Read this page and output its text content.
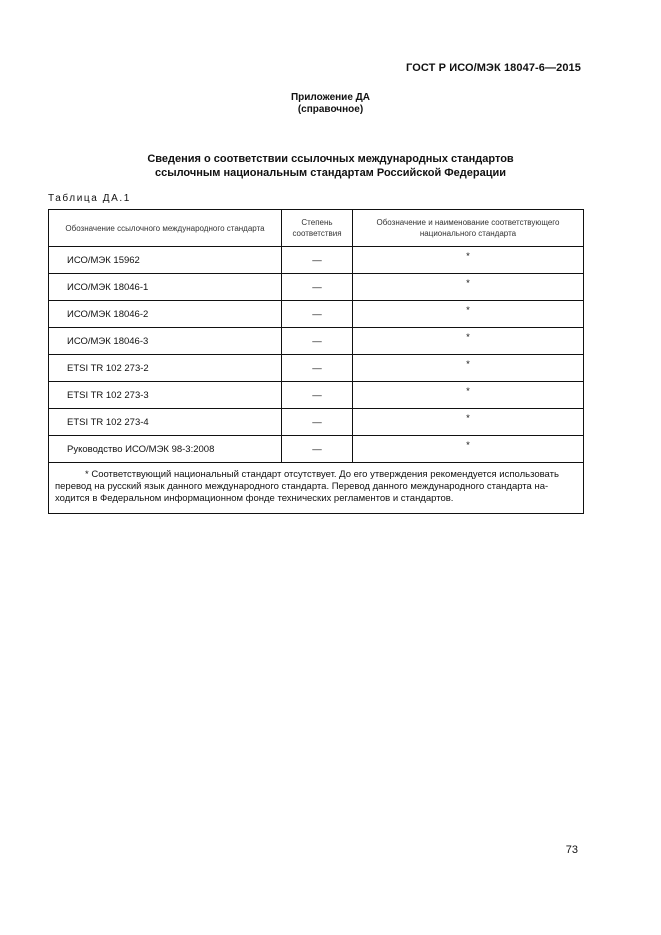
ГОСТ Р ИСО/МЭК 18047-6—2015
Приложение ДА
(справочное)
Сведения о соответствии ссылочных международных стандартов
ссылочным национальным стандартам Российской Федерации
Таблица ДА.1
Обозначение ссылочного международного стандарта	Степень соответствия	Обозначение и наименование соответствующего национального стандарта
ИСО/МЭК 15962	—	*
ИСО/МЭК 18046-1	—	*
ИСО/МЭК 18046-2	—	*
ИСО/МЭК 18046-3	—	*
ETSI TR 102 273-2	—	*
ETSI TR 102 273-3	—	*
ETSI TR 102 273-4	—	*
Руководство ИСО/МЭК 98-3:2008	—	*

* Соответствующий национальный стандарт отсутствует. До его утверждения рекомендуется использовать
перевод на русский язык данного международного стандарта. Перевод данного международного стандарта на-
ходится в Федеральном информационном фонде технических регламентов и стандартов.		
73
